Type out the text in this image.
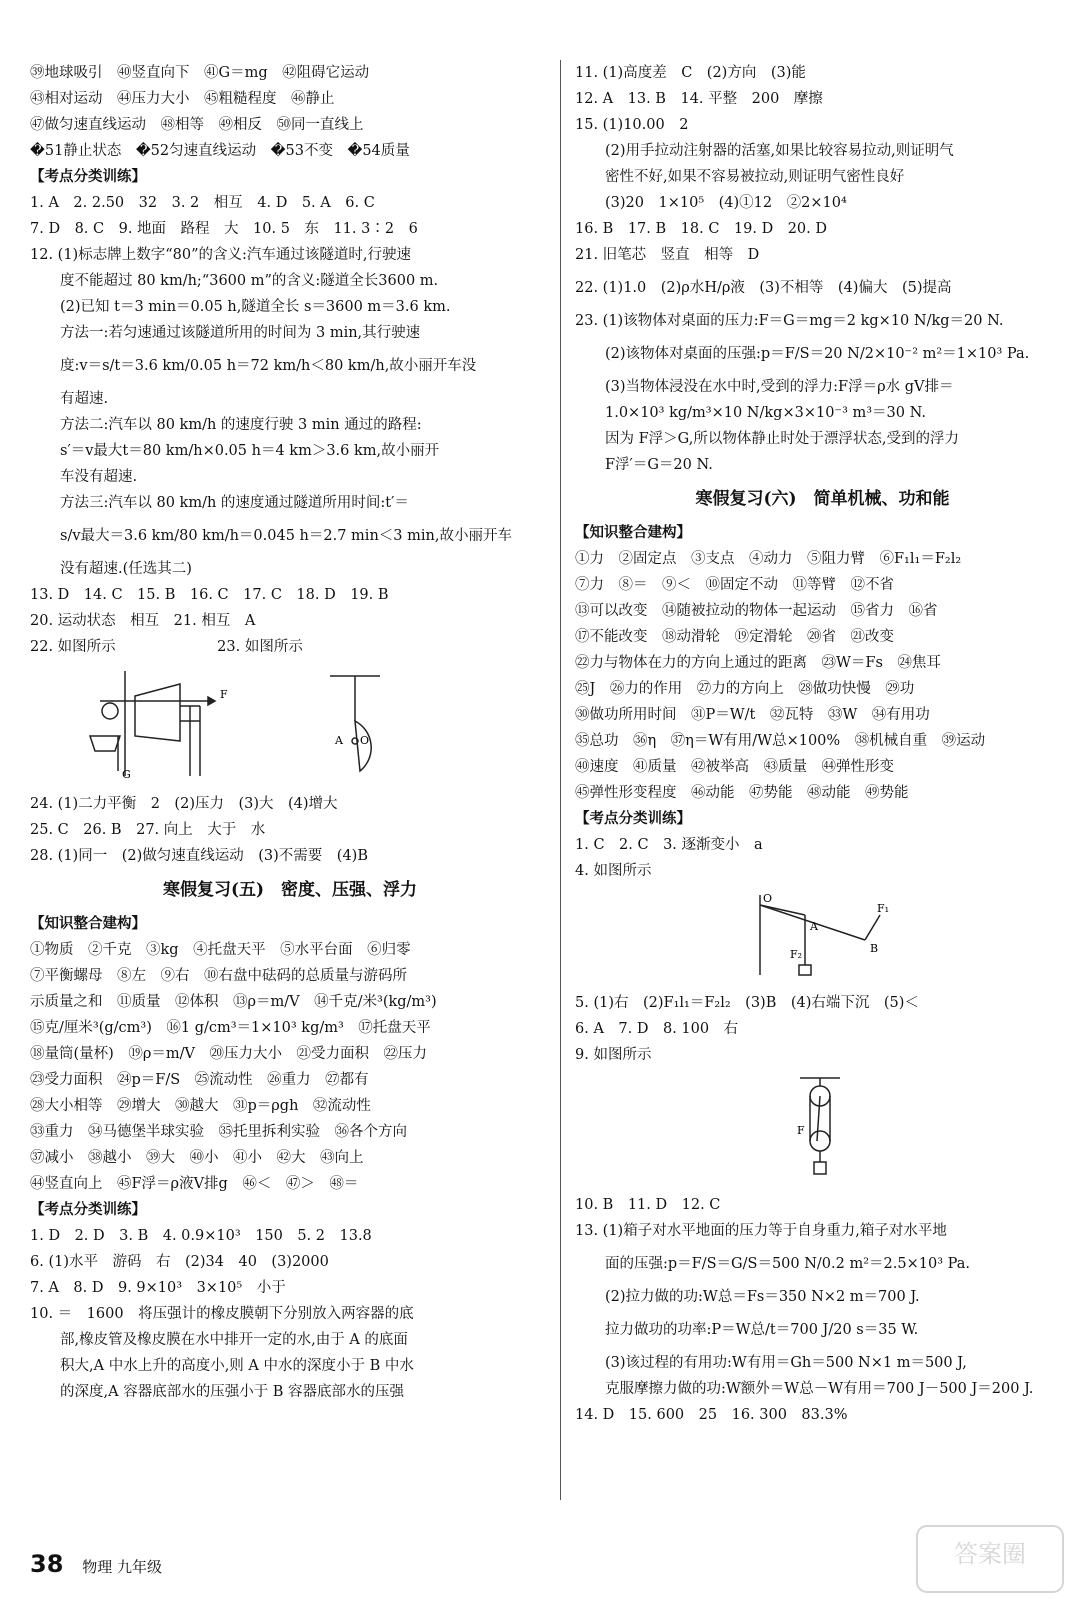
㊴地球吸引　㊵竖直向下　㊶G＝mg　㊷阻碍它运动
㊸相对运动　㊹压力大小　㊺粗糙程度　㊻静止
㊼做匀速直线运动　㊽相等　㊾相反　㊿同一直线上
�51静止状态　�52匀速直线运动　�53不变　�54质量
【考点分类训练】
1. A　2. 2.50　32　3. 2　相互　4. D　5. A　6. C
7. D　8. C　9. 地面　路程　大　10. 5　东　11. 3∶2　6
12. (1)标志牌上数字“80”的含义:汽车通过该隧道时,行驶速
度不能超过 80 km/h;“3600 m”的含义:隧道全长3600 m.
(2)已知 t＝3 min＝0.05 h,隧道全长 s＝3600 m＝3.6 km.
方法一:若匀速通过该隧道所用的时间为 3 min,其行驶速
度:v＝s/t＝3.6 km/0.05 h＝72 km/h＜80 km/h,故小丽开车没
有超速.
方法二:汽车以 80 km/h 的速度行驶 3 min 通过的路程:
s′＝v最大t＝80 km/h×0.05 h＝4 km＞3.6 km,故小丽开
车没有超速.
方法三:汽车以 80 km/h 的速度通过隧道所用时间:t′＝
s/v最大＝3.6 km/80 km/h＝0.045 h＝2.7 min＜3 min,故小丽开车
没有超速.(任选其二)
13. D　14. C　15. B　16. C　17. C　18. D　19. B
20. 运动状态　相互　21. 相互　A
22. 如图所示　　　　　　　23. 如图所示
F
G
A O
24. (1)二力平衡　2　(2)压力　(3)大　(4)增大
25. C　26. B　27. 向上　大于　水
28. (1)同一　(2)做匀速直线运动　(3)不需要　(4)B
寒假复习(五)　密度、压强、浮力
【知识整合建构】
①物质　②千克　③kg　④托盘天平　⑤水平台面　⑥归零
⑦平衡螺母　⑧左　⑨右　⑩右盘中砝码的总质量与游码所
示质量之和　⑪质量　⑫体积　⑬ρ＝m/V　⑭千克/米³(kg/m³)
⑮克/厘米³(g/cm³)　⑯1 g/cm³＝1×10³ kg/m³　⑰托盘天平
⑱量筒(量杯)　⑲ρ＝m/V　⑳压力大小　㉑受力面积　㉒压力
㉓受力面积　㉔p＝F/S　㉕流动性　㉖重力　㉗都有
㉘大小相等　㉙增大　㉚越大　㉛p＝ρgh　㉜流动性
㉝重力　㉞马德堡半球实验　㉟托里拆利实验　㊱各个方向
㊲减小　㊳越小　㊴大　㊵小　㊶小　㊷大　㊸向上
㊹竖直向上　㊺F浮＝ρ液V排g　㊻＜　㊼＞　㊽＝
【考点分类训练】
1. D　2. D　3. B　4. 0.9×10³　150　5. 2　13.8
6. (1)水平　游码　右　(2)34　40　(3)2000
7. A　8. D　9. 9×10³　3×10⁵　小于
10. ＝　1600　将压强计的橡皮膜朝下分别放入两容器的底
部,橡皮管及橡皮膜在水中排开一定的水,由于 A 的底面
积大,A 中水上升的高度小,则 A 中水的深度小于 B 中水
的深度,A 容器底部水的压强小于 B 容器底部水的压强
11. (1)高度差　C　(2)方向　(3)能
12. A　13. B　14. 平整　200　摩擦
15. (1)10.00　2
(2)用手拉动注射器的活塞,如果比较容易拉动,则证明气
密性不好,如果不容易被拉动,则证明气密性良好
(3)20　1×10⁵　(4)①12　②2×10⁴
16. B　17. B　18. C　19. D　20. D
21. 旧笔芯　竖直　相等　D
22. (1)1.0　(2)ρ水H/ρ液　(3)不相等　(4)偏大　(5)提高
23. (1)该物体对桌面的压力:F＝G＝mg＝2 kg×10 N/kg＝20 N.
(2)该物体对桌面的压强:p＝F/S＝20 N/2×10⁻² m²＝1×10³ Pa.
(3)当物体浸没在水中时,受到的浮力:F浮＝ρ水 gV排＝
1.0×10³ kg/m³×10 N/kg×3×10⁻³ m³＝30 N.
因为 F浮＞G,所以物体静止时处于漂浮状态,受到的浮力
F浮′＝G＝20 N.
寒假复习(六)　简单机械、功和能
【知识整合建构】
①力　②固定点　③支点　④动力　⑤阻力臂　⑥F₁l₁＝F₂l₂
⑦力　⑧＝　⑨＜　⑩固定不动　⑪等臂　⑫不省
⑬可以改变　⑭随被拉动的物体一起运动　⑮省力　⑯省
⑰不能改变　⑱动滑轮　⑲定滑轮　⑳省　㉑改变
㉒力与物体在力的方向上通过的距离　㉓W＝Fs　㉔焦耳
㉕J　㉖力的作用　㉗力的方向上　㉘做功快慢　㉙功
㉚做功所用时间　㉛P＝W/t　㉜瓦特　㉝W　㉞有用功
㉟总功　㊱η　㊲η＝W有用/W总×100%　㊳机械自重　㊴运动
㊵速度　㊶质量　㊷被举高　㊸质量　㊹弹性形变
㊺弹性形变程度　㊻动能　㊼势能　㊽动能　㊾势能
【考点分类训练】
1. C　2. C　3. 逐渐变小　a
4. 如图所示
O
B
F₁
F₂
A
5. (1)右　(2)F₁l₁＝F₂l₂　(3)B　(4)右端下沉　(5)＜
6. A　7. D　8. 100　右
9. 如图所示
F
10. B　11. D　12. C
13. (1)箱子对水平地面的压力等于自身重力,箱子对水平地
面的压强:p＝F/S＝G/S＝500 N/0.2 m²＝2.5×10³ Pa.
(2)拉力做的功:W总＝Fs＝350 N×2 m＝700 J.
拉力做功的功率:P＝W总/t＝700 J/20 s＝35 W.
(3)该过程的有用功:W有用＝Gh＝500 N×1 m＝500 J,
克服摩擦力做的功:W额外＝W总－W有用＝700 J－500 J＝200 J.
14. D　15. 600　25　16. 300　83.3%
38 物理 九年级	答案圈
